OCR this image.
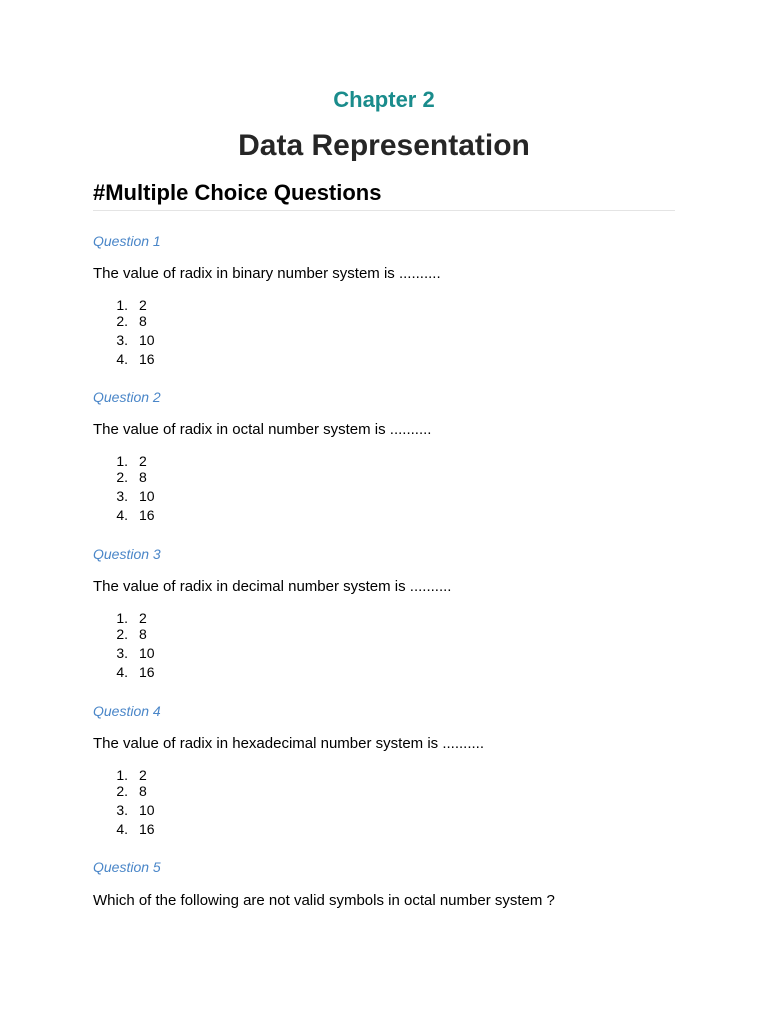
Chapter 2
Data Representation
#Multiple Choice Questions
Question 1
The value of radix in binary number system is ..........
1. 2
2. 8
3. 10
4. 16
Question 2
The value of radix in octal number system is ..........
1. 2
2. 8
3. 10
4. 16
Question 3
The value of radix in decimal number system is ..........
1. 2
2. 8
3. 10
4. 16
Question 4
The value of radix in hexadecimal number system is ..........
1. 2
2. 8
3. 10
4. 16
Question 5
Which of the following are not valid symbols in octal number system ?
